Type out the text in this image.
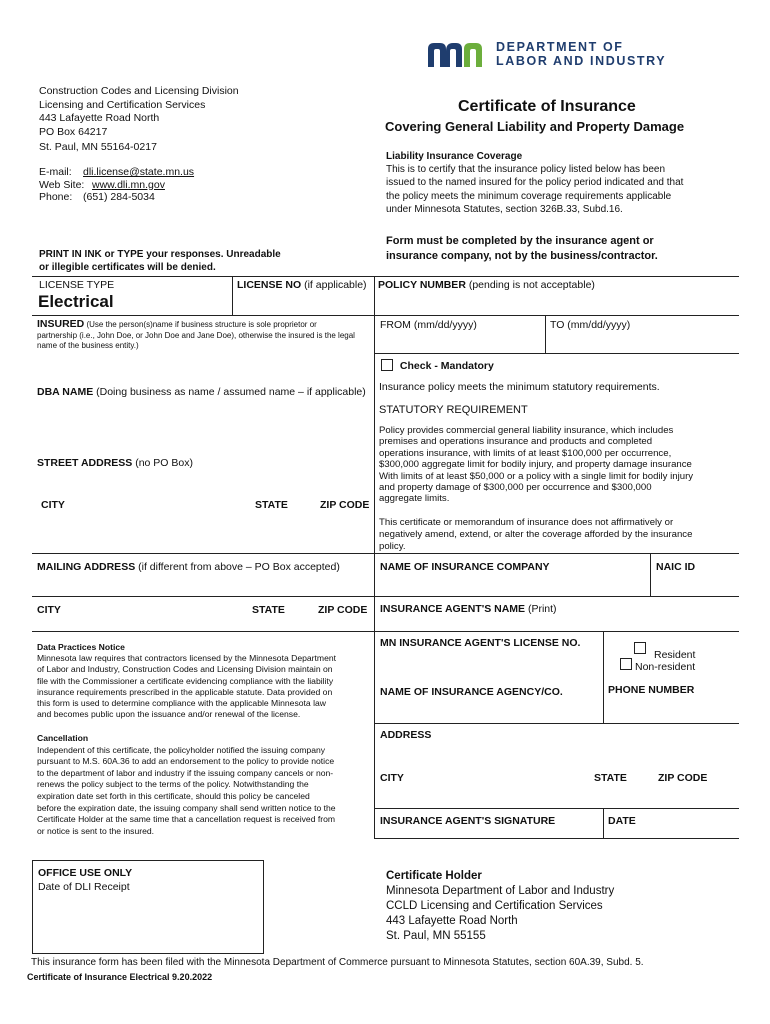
DEPARTMENT OF
LABOR AND INDUSTRY
Construction Codes and Licensing Division
Licensing and Certification Services
443 Lafayette Road North
PO Box 64217
St. Paul, MN 55164-0217
E-mail: dli.license@state.mn.us
Web Site: www.dli.mn.gov
Phone: (651) 284-5034
Certificate of Insurance
Covering General Liability and Property Damage
Liability Insurance Coverage
This is to certify that the insurance policy listed below has been
issued to the named insured for the policy period indicated and that
the policy meets the minimum coverage requirements applicable
under Minnesota Statutes, section 326B.33, Subd.16.
Form must be completed by the insurance agent or
insurance company, not by the business/contractor.
PRINT IN INK or TYPE your responses. Unreadable
or illegible certificates will be denied.
LICENSE TYPE
Electrical
LICENSE NO (if applicable)
INSURED (Use the person(s)name if business structure is sole proprietor or
partnership (i.e., John Doe, or John Doe and Jane Doe), otherwise the insured is the legal
name of the business entity.)
DBA NAME (Doing business as name / assumed name – if applicable)
STREET ADDRESS (no PO Box)
CITY	STATE	ZIP CODE
MAILING ADDRESS (if different from above – PO Box accepted)
CITY	STATE	ZIP CODE
Data Practices Notice
Minnesota law requires that contractors licensed by the Minnesota Department
of Labor and Industry, Construction Codes and Licensing Division maintain on
file with the Commissioner a certificate evidencing compliance with the liability
insurance requirements prescribed in the applicable statute. Data provided on
this form is used to determine compliance with the applicable Minnesota law
and becomes public upon the issuance and/or renewal of the license.
Cancellation
Independent of this certificate, the policyholder notified the issuing company
pursuant to M.S. 60A.36 to add an endorsement to the policy to provide notice
to the department of labor and industry if the issuing company cancels or non-
renews the policy subject to the terms of the policy. Notwithstanding the
expiration date set forth in this certificate, should this policy be canceled
before the expiration date, the issuing company shall send written notice to the
Certificate Holder at the same time that a cancellation request is received from
or notice is sent to the insured.
OFFICE USE ONLY
Date of DLI Receipt
POLICY NUMBER (pending is not acceptable)
FROM (mm/dd/yyyy)	TO (mm/dd/yyyy)
Check - Mandatory
Insurance policy meets the minimum statutory requirements.
STATUTORY REQUIREMENT
Policy provides commercial general liability insurance, which includes
premises and operations insurance and products and completed
operations insurance, with limits of at least $100,000 per occurrence,
$300,000 aggregate limit for bodily injury, and property damage insurance
With limits of at least $50,000 or a policy with a single limit for bodily injury
and property damage of $300,000 per occurrence and $300,000
aggregate limits.
This certificate or memorandum of insurance does not affirmatively or
negatively amend, extend, or alter the coverage afforded by the insurance
policy.
NAME OF INSURANCE COMPANY	NAIC ID
INSURANCE AGENT'S NAME (Print)
MN INSURANCE AGENT'S LICENSE NO.
Resident
Non-resident
NAME OF INSURANCE AGENCY/CO.	PHONE NUMBER
ADDRESS
CITY	STATE	ZIP CODE
INSURANCE AGENT'S SIGNATURE	DATE
Certificate Holder
Minnesota Department of Labor and Industry
CCLD Licensing and Certification Services
443 Lafayette Road North
St. Paul, MN 55155
This insurance form has been filed with the Minnesota Department of Commerce pursuant to Minnesota Statutes, section 60A.39, Subd. 5.
Certificate of Insurance Electrical 9.20.2022
